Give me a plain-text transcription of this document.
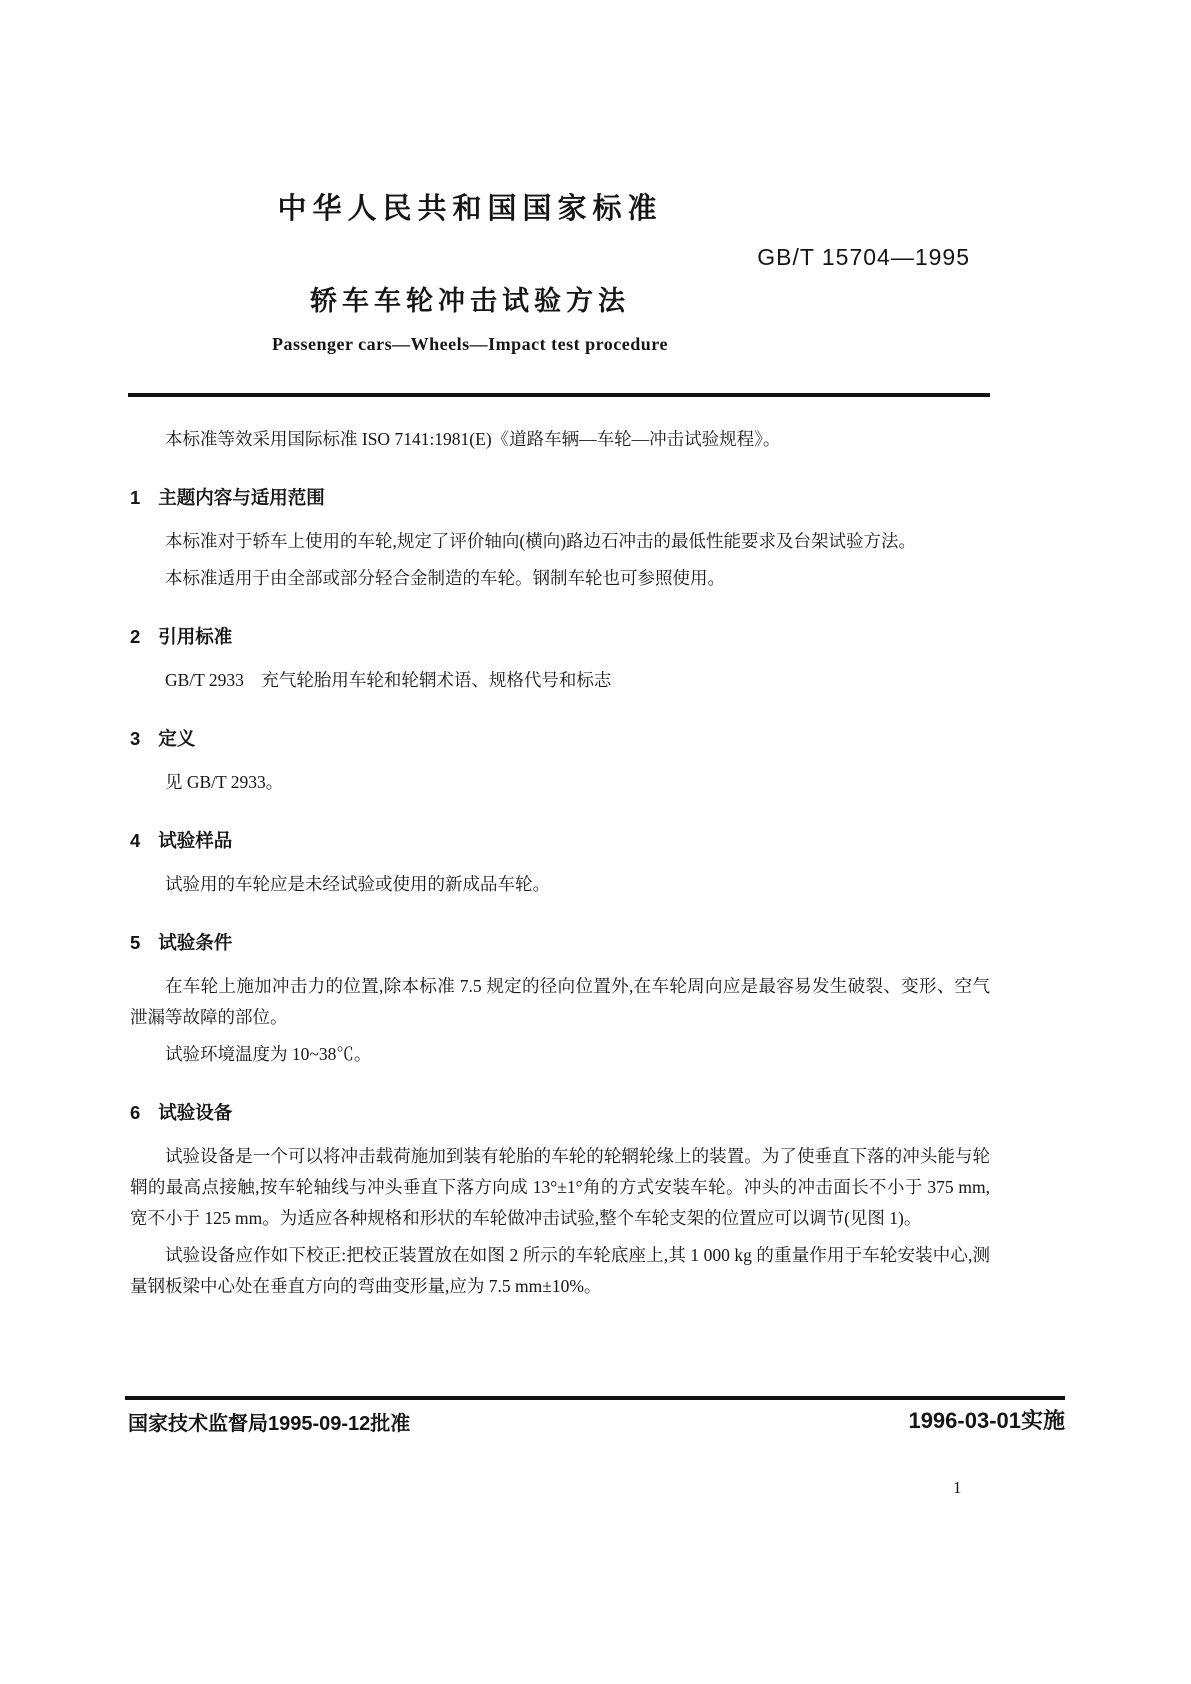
中华人民共和国国家标准
轿车车轮冲击试验方法
Passenger cars—Wheels—Impact test procedure
GB/T 15704—1995

本标准等效采用国际标准 ISO 7141:1981(E)《道路车辆—车轮—冲击试验规程》。

1 主题内容与适用范围

本标准对于轿车上使用的车轮,规定了评价轴向(横向)路边石冲击的最低性能要求及台架试验方法。

本标准适用于由全部或部分轻合金制造的车轮。钢制车轮也可参照使用。

2 引用标准

GB/T 2933　充气轮胎用车轮和轮辋术语、规格代号和标志

3 定义

见 GB/T 2933。

4 试验样品

试验用的车轮应是未经试验或使用的新成品车轮。

5 试验条件

在车轮上施加冲击力的位置,除本标准 7.5 规定的径向位置外,在车轮周向应是最容易发生破裂、变形、空气泄漏等故障的部位。

试验环境温度为 10~38℃。

6 试验设备

试验设备是一个可以将冲击载荷施加到装有轮胎的车轮的轮辋轮缘上的装置。为了使垂直下落的冲头能与轮辋的最高点接触,按车轮轴线与冲头垂直下落方向成 13°±1°角的方式安装车轮。冲头的冲击面长不小于 375 mm,宽不小于 125 mm。为适应各种规格和形状的车轮做冲击试验,整个车轮支架的位置应可以调节(见图 1)。

试验设备应作如下校正:把校正装置放在如图 2 所示的车轮底座上,其 1 000 kg 的重量作用于车轮安装中心,测量钢板梁中心处在垂直方向的弯曲变形量,应为 7.5 mm±10%。

国家技术监督局1995-09-12批准	1996-03-01实施
1
